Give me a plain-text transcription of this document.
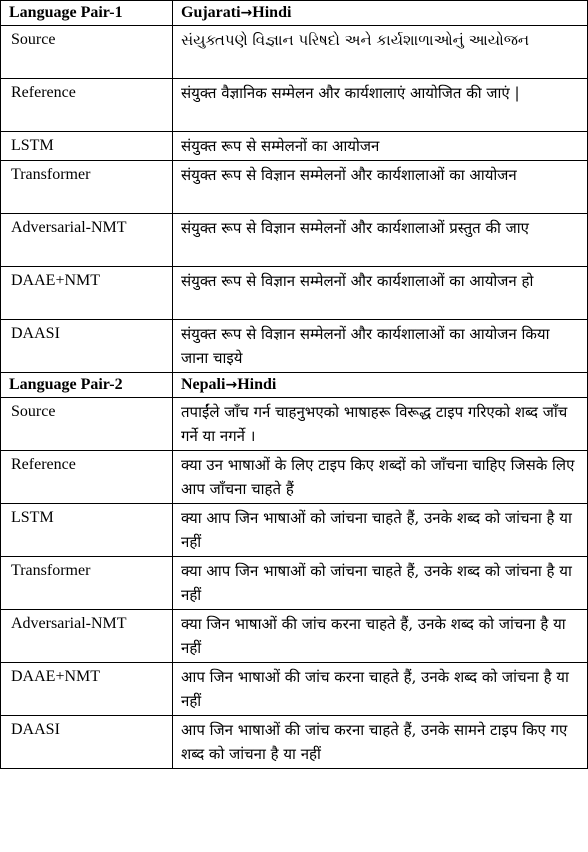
Language Pair-1	Gujarati→Hindi
Source	સંયુક્તપણે વિજ્ઞાન પરિષદો અને કાર્યશાળાઓનું આયોજન
Reference	संयुक्त वैज्ञानिक सम्मेलन और कार्यशालाएं आयोजित की जाएं |
LSTM	संयुक्त रूप से सम्मेलनों का आयोजन
Transformer	संयुक्त रूप से विज्ञान सम्मेलनों और कार्यशालाओं का आयोजन
Adversarial-NMT	संयुक्त रूप से विज्ञान सम्मेलनों और कार्यशालाओं प्रस्तुत की जाए
DAAE+NMT	संयुक्त रूप से विज्ञान सम्मेलनों और कार्यशालाओं का आयोजन हो
DAASI	संयुक्त रूप से विज्ञान सम्मेलनों और कार्यशालाओं का आयोजन किया जाना चाइये
Language Pair-2	Nepali→Hindi
Source	तपाईंले जाँच गर्न चाहनुभएको भाषाहरू विरूद्ध टाइप गरिएको शब्द जाँच गर्ने या नगर्ने ।
Reference	क्या उन भाषाओं के लिए टाइप किए शब्दों को जाँचना चाहिए जिसके लिए आप जाँचना चाहते हैं
LSTM	क्या आप जिन भाषाओं को जांचना चाहते हैं, उनके शब्द को जांचना है या नहीं
Transformer	क्या आप जिन भाषाओं को जांचना चाहते हैं, उनके शब्द को जांचना है या नहीं
Adversarial-NMT	क्या जिन भाषाओं की जांच करना चाहते हैं, उनके शब्द को जांचना है या नहीं
DAAE+NMT	आप जिन भाषाओं की जांच करना चाहते हैं, उनके शब्द को जांचना है या नहीं
DAASI	आप जिन भाषाओं की जांच करना चाहते हैं, उनके सामने टाइप किए गए शब्द को जांचना है या नहीं
